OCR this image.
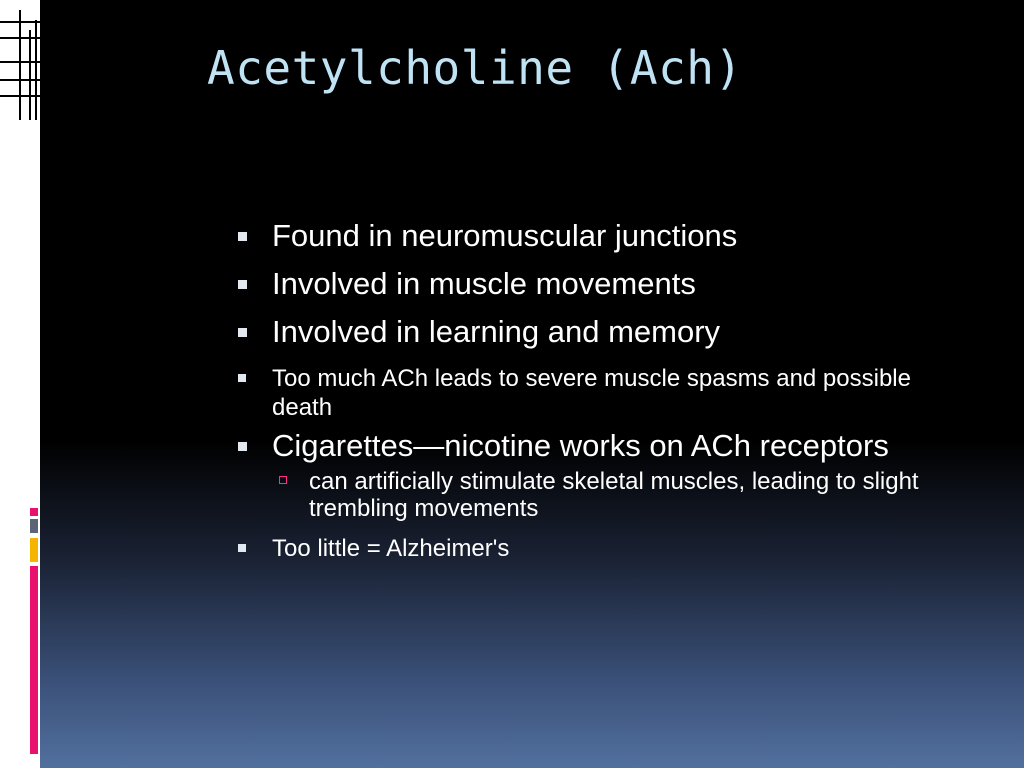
Acetylcholine (Ach)
Found in neuromuscular junctions
Involved in muscle movements
Involved in learning and memory
Too much ACh leads to severe muscle spasms and possible death
Cigarettes—nicotine works on ACh receptors
can artificially stimulate skeletal muscles, leading to slight trembling movements
Too little = Alzheimer's
